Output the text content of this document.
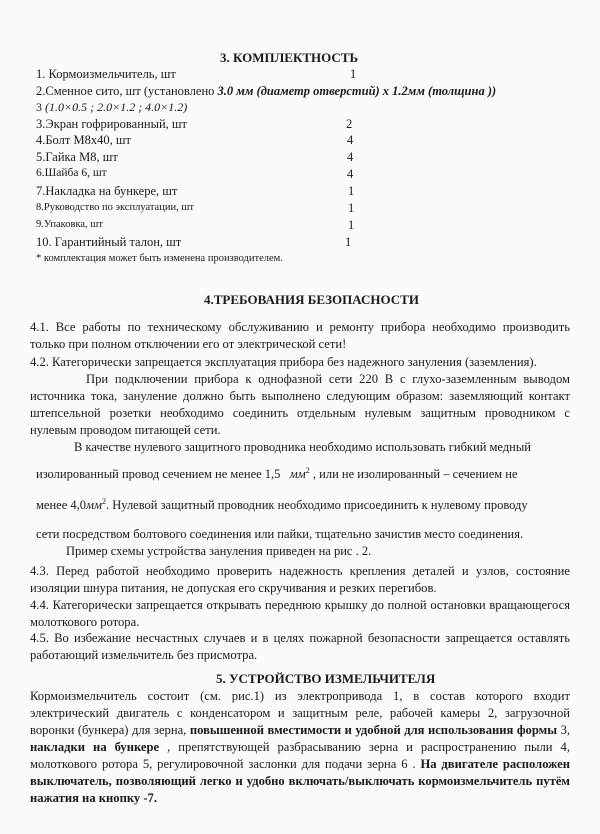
3. КОМПЛЕКТНОСТЬ
1. Кормоизмельчитель, шт	1
2.Сменное сито, шт (установлено 3.0 мм (диаметр отверстий) х 1.2мм (толщина ))
3 (1.0×0.5 ; 2.0×1.2 ; 4.0×1.2)
3.Экран гофрированный, шт	2
4.Болт М8х40, шт	4
5.Гайка М8, шт	4
6.Шайба 6, шт	4
7.Накладка на бункере, шт	1
8.Руководство по эксплуатации, шт	1
9.Упаковка, шт	1
10. Гарантийный талон, шт	1
* комплектация может быть изменена производителем.
4.ТРЕБОВАНИЯ БЕЗОПАСНОСТИ
4.1. Все работы по техническому обслуживанию и ремонту прибора необходимо производить только при полном отключении его от электрической сети!
4.2. Категорически запрещается эксплуатация прибора без надежного зануления (заземления).
При подключении прибора к однофазной сети 220 В с глухо-заземленным выводом источника тока, зануление должно быть выполнено следующим образом: заземляющий контакт штепсельной розетки необходимо соединить отдельным нулевым защитным проводником с нулевым проводом питающей сети.
В качестве нулевого защитного проводника необходимо использовать гибкий медный
изолированный провод сечением не менее 1,5 $мм^2$ , или не изолированный – сечением не
менее $4,0мм^2$. Нулевой защитный проводник необходимо присоединить к нулевому проводу
сети посредством болтового соединения или пайки, тщательно зачистив место соединения.
Пример схемы устройства зануления приведен на рис . 2.
4.3. Перед работой необходимо проверить надежность крепления деталей и узлов, состояние изоляции шнура питания, не допуская его скручивания и резких перегибов.
4.4. Категорически запрещается открывать переднюю крышку до полной остановки вращающегося молоткового ротора.
4.5. Во избежание несчастных случаев и в целях пожарной безопасности запрещается оставлять работающий измельчитель без присмотра.
5. УСТРОЙСТВО ИЗМЕЛЬЧИТЕЛЯ
Кормоизмельчитель состоит (см. рис.1) из электропривода 1, в состав которого входит электрический двигатель с конденсатором и защитным реле, рабочей камеры 2, загрузочной воронки (бункера) для зерна, повышенной вместимости и удобной для использования формы 3, накладки на бункере , препятствующей разбрасыванию зерна и распространению пыли 4, молоткового ротора 5, регулировочной заслонки для подачи зерна 6 . На двигателе расположен выключатель, позволяющий легко и удобно включать/выключать кормоизмельчитель путём нажатия на кнопку -7.
